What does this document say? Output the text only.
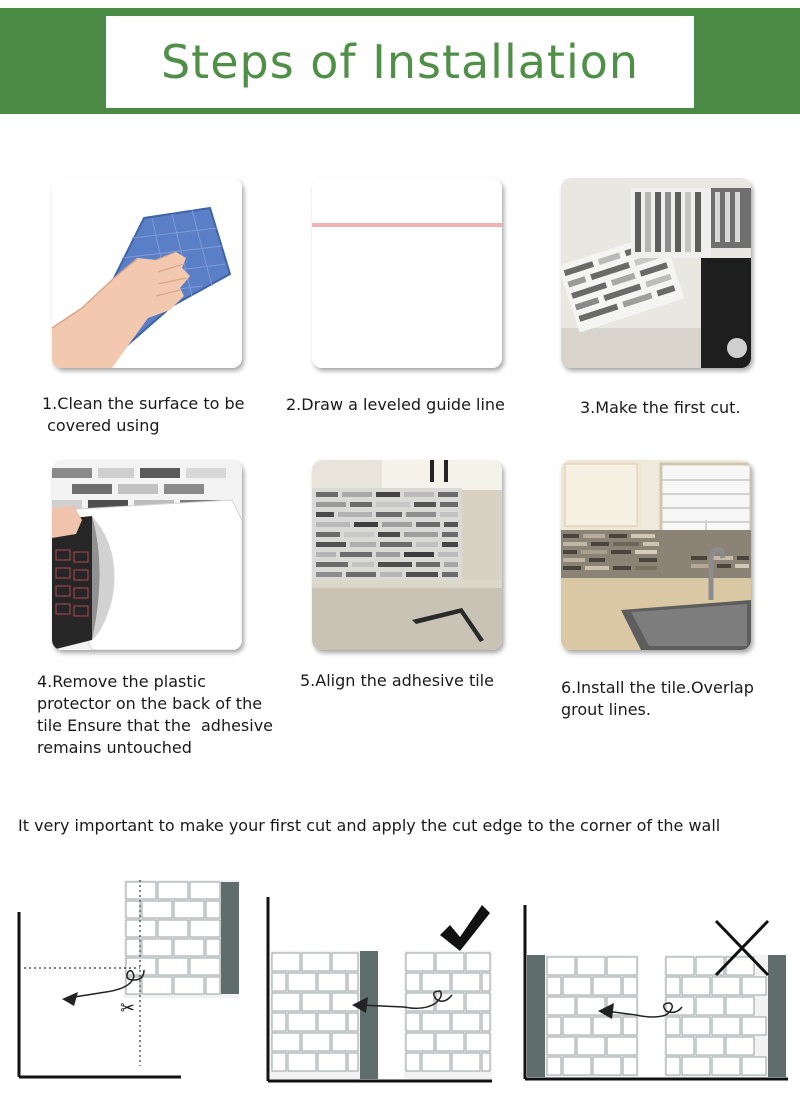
Steps of Installation
1.Clean the surface to be
covered using
2.Draw a leveled guide line	3.Make the first cut.
4.Remove the plastic
protector on the back of the
tile Ensure that the  adhesive
remains untouched
5.Align the adhesive tile	6.Install the tile.Overlap
grout lines.
It very important to make your first cut and apply the cut edge to the corner of the wall
✂
